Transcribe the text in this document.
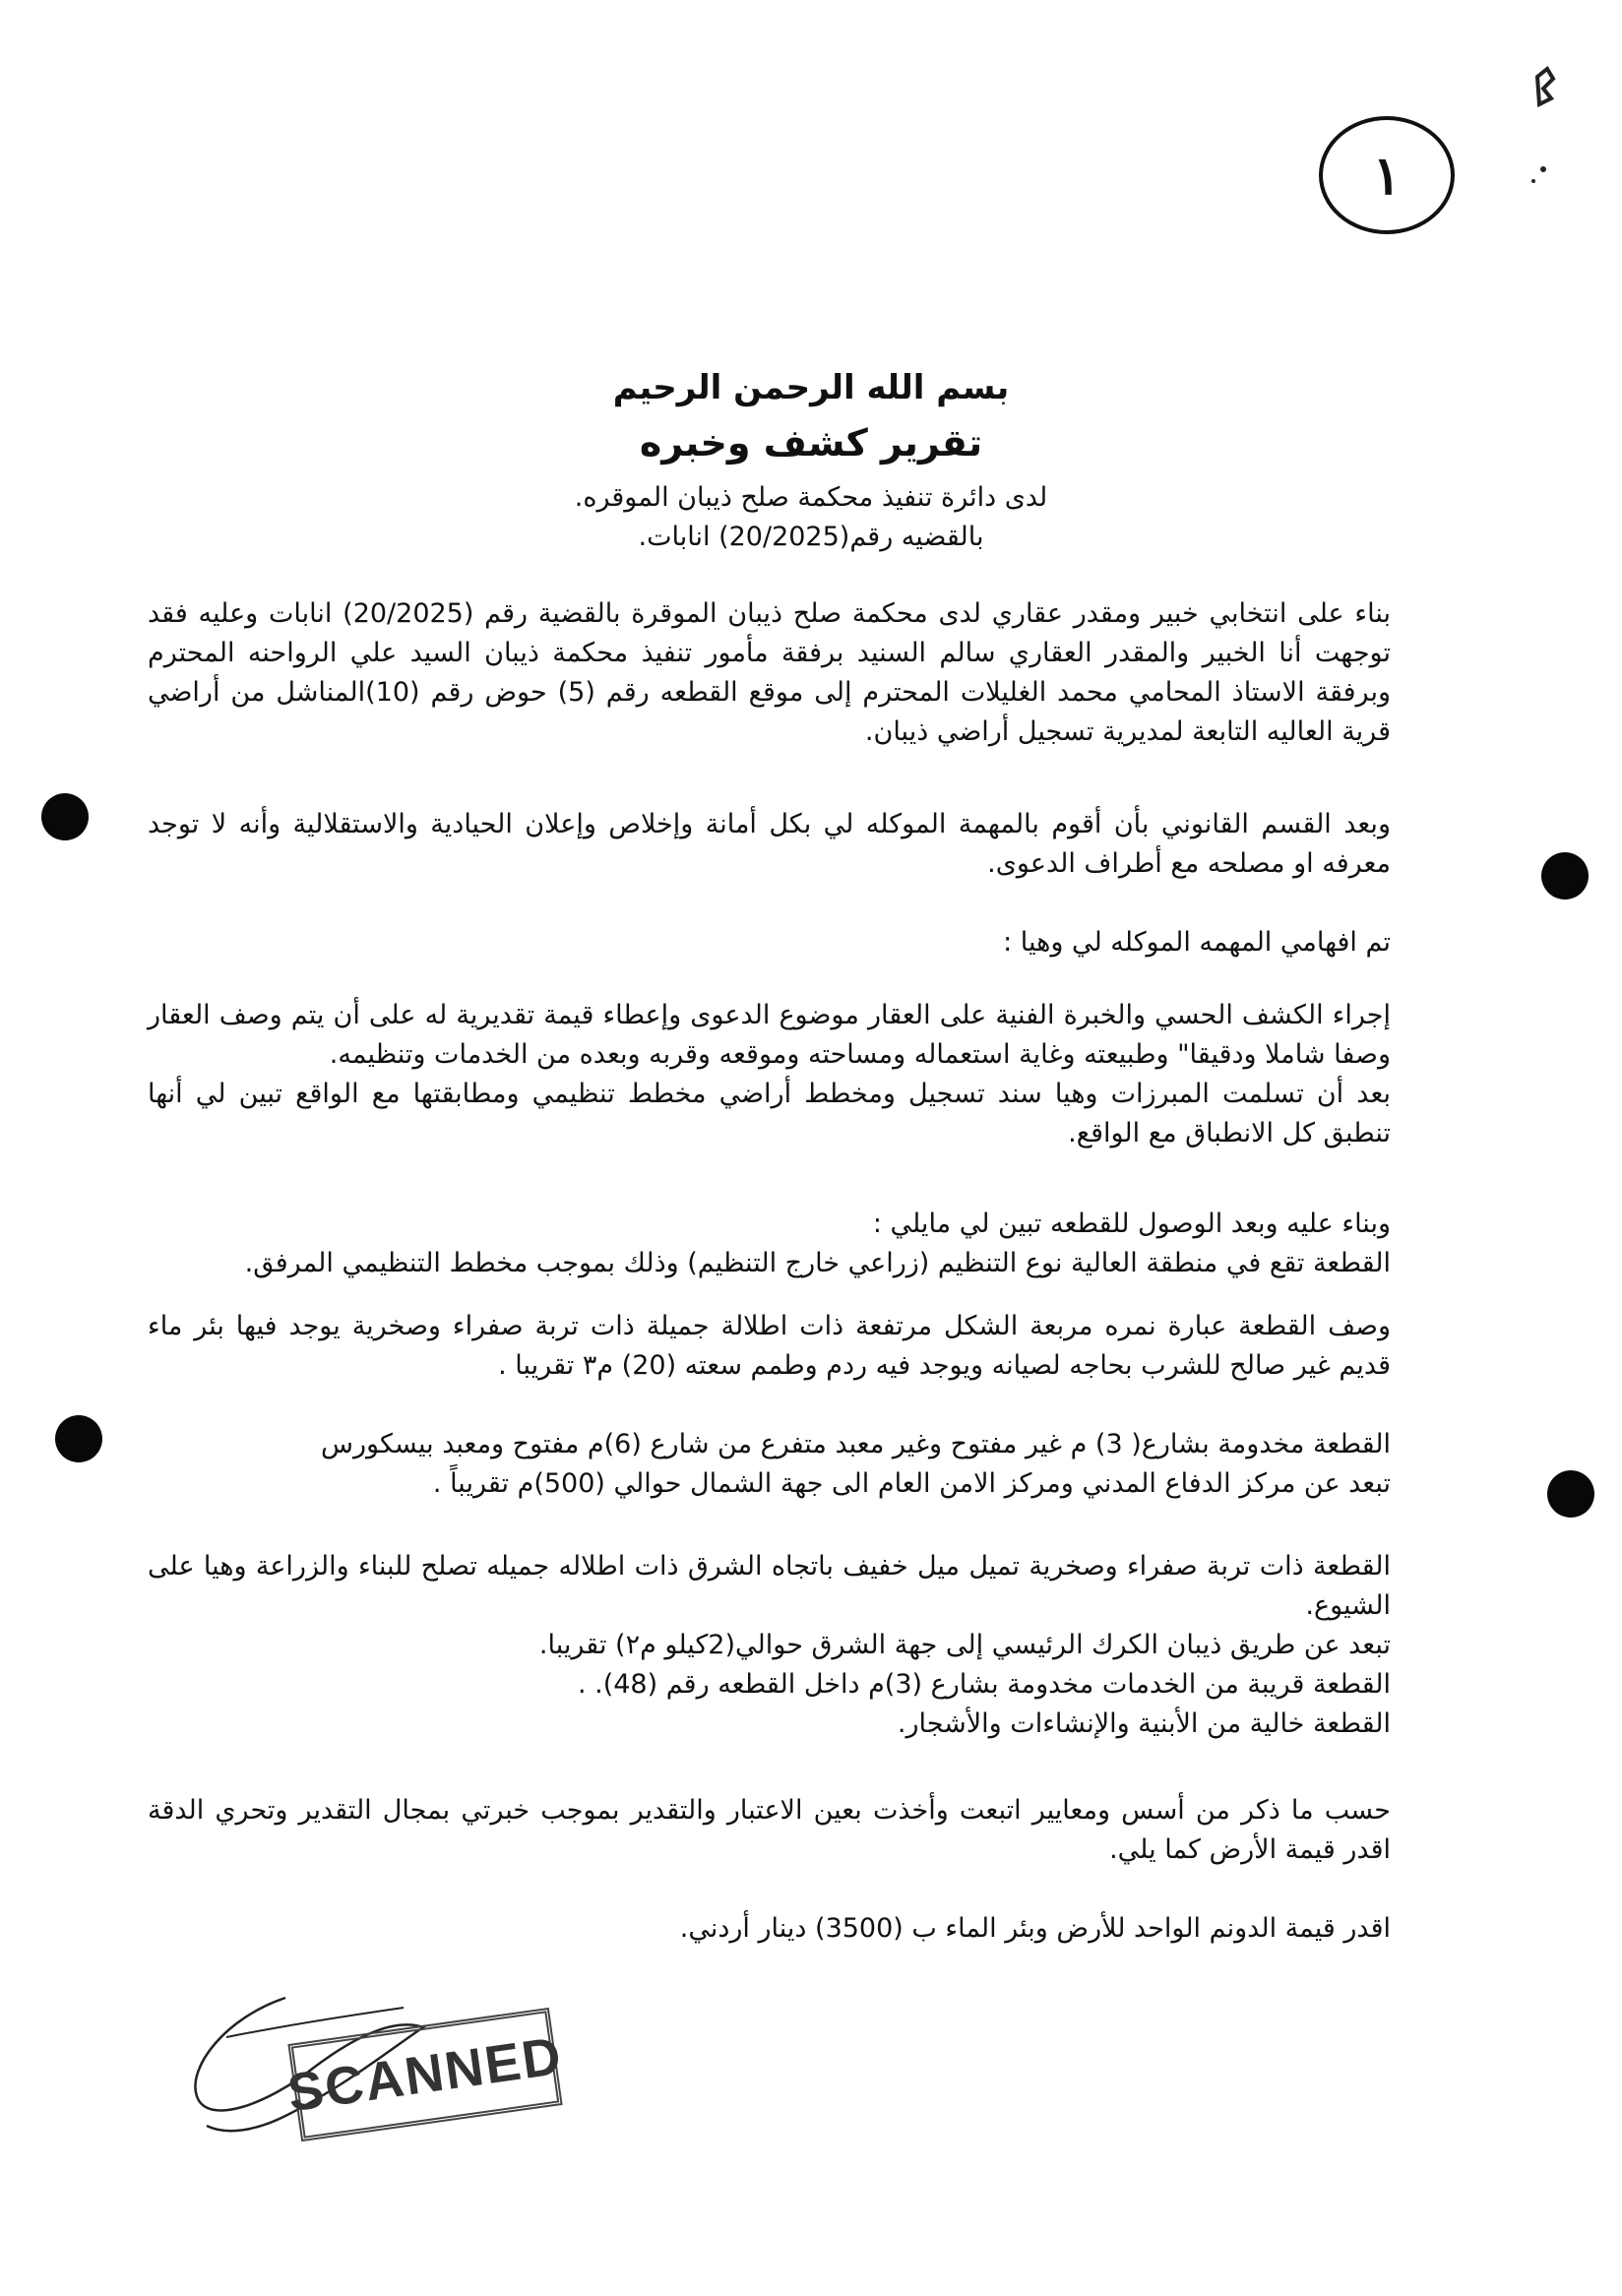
١
بسم الله الرحمن الرحيم
تقرير كشف وخبره
لدى دائرة تنفيذ محكمة صلح ذيبان الموقره.
بالقضيه رقم(20/2025) انابات.

بناء على انتخابي خبير ومقدر عقاري لدى محكمة صلح ذيبان الموقرة بالقضية رقم (20/2025) انابات وعليه فقد توجهت أنا الخبير والمقدر العقاري سالم السنيد برفقة مأمور تنفيذ محكمة ذيبان السيد علي الرواحنه المحترم وبرفقة الاستاذ المحامي محمد الغليلات المحترم إلى موقع القطعه رقم (5) حوض رقم (10)المناشل من أراضي قرية العاليه التابعة لمديرية تسجيل أراضي ذيبان.

وبعد القسم القانوني بأن أقوم بالمهمة الموكله لي بكل أمانة وإخلاص وإعلان الحيادية والاستقلالية وأنه لا توجد معرفه او مصلحه مع أطراف الدعوى.

تم افهامي المهمه الموكله لي وهيا :

إجراء الكشف الحسي والخبرة الفنية على العقار موضوع الدعوى وإعطاء قيمة تقديرية له على أن يتم وصف العقار وصفا شاملا ودقيقا" وطبيعته وغاية استعماله ومساحته وموقعه وقربه وبعده من الخدمات وتنظيمه.

بعد أن تسلمت المبرزات وهيا سند تسجيل ومخطط أراضي مخطط تنظيمي ومطابقتها مع الواقع تبين لي أنها تنطبق كل الانطباق مع الواقع.

وبناء عليه وبعد الوصول للقطعه تبين لي مايلي :

القطعة تقع في منطقة العالية نوع التنظيم (زراعي خارج التنظيم) وذلك بموجب مخطط التنظيمي المرفق.

وصف القطعة عبارة نمره مربعة الشكل مرتفعة ذات اطلالة جميلة ذات تربة صفراء وصخرية يوجد فيها بئر ماء قديم غير صالح للشرب بحاجه لصيانه ويوجد فيه ردم وطمم سعته (20) م٣ تقريبا .

القطعة مخدومة بشارع( 3) م غير مفتوح وغير معبد متفرع من شارع (6)م مفتوح ومعبد بيسكورس

تبعد عن مركز الدفاع المدني ومركز الامن العام الى جهة الشمال حوالي (500)م تقريباً .

القطعة ذات تربة صفراء وصخرية تميل ميل خفيف باتجاه الشرق ذات اطلاله جميله تصلح للبناء والزراعة وهيا على الشيوع.

تبعد عن طريق ذيبان الكرك الرئيسي إلى جهة الشرق حوالي(2كيلو م٢) تقريبا.

القطعة قريبة من الخدمات مخدومة بشارع (3)م داخل القطعه رقم (48). .

القطعة خالية من الأبنية والإنشاءات والأشجار.

حسب ما ذكر من أسس ومعايير اتبعت وأخذت بعين الاعتبار والتقدير بموجب خبرتي بمجال التقدير وتحري الدقة اقدر قيمة الأرض كما يلي.

اقدر قيمة الدونم الواحد للأرض وبئر الماء ب (3500) دينار أردني.

SCANNED
